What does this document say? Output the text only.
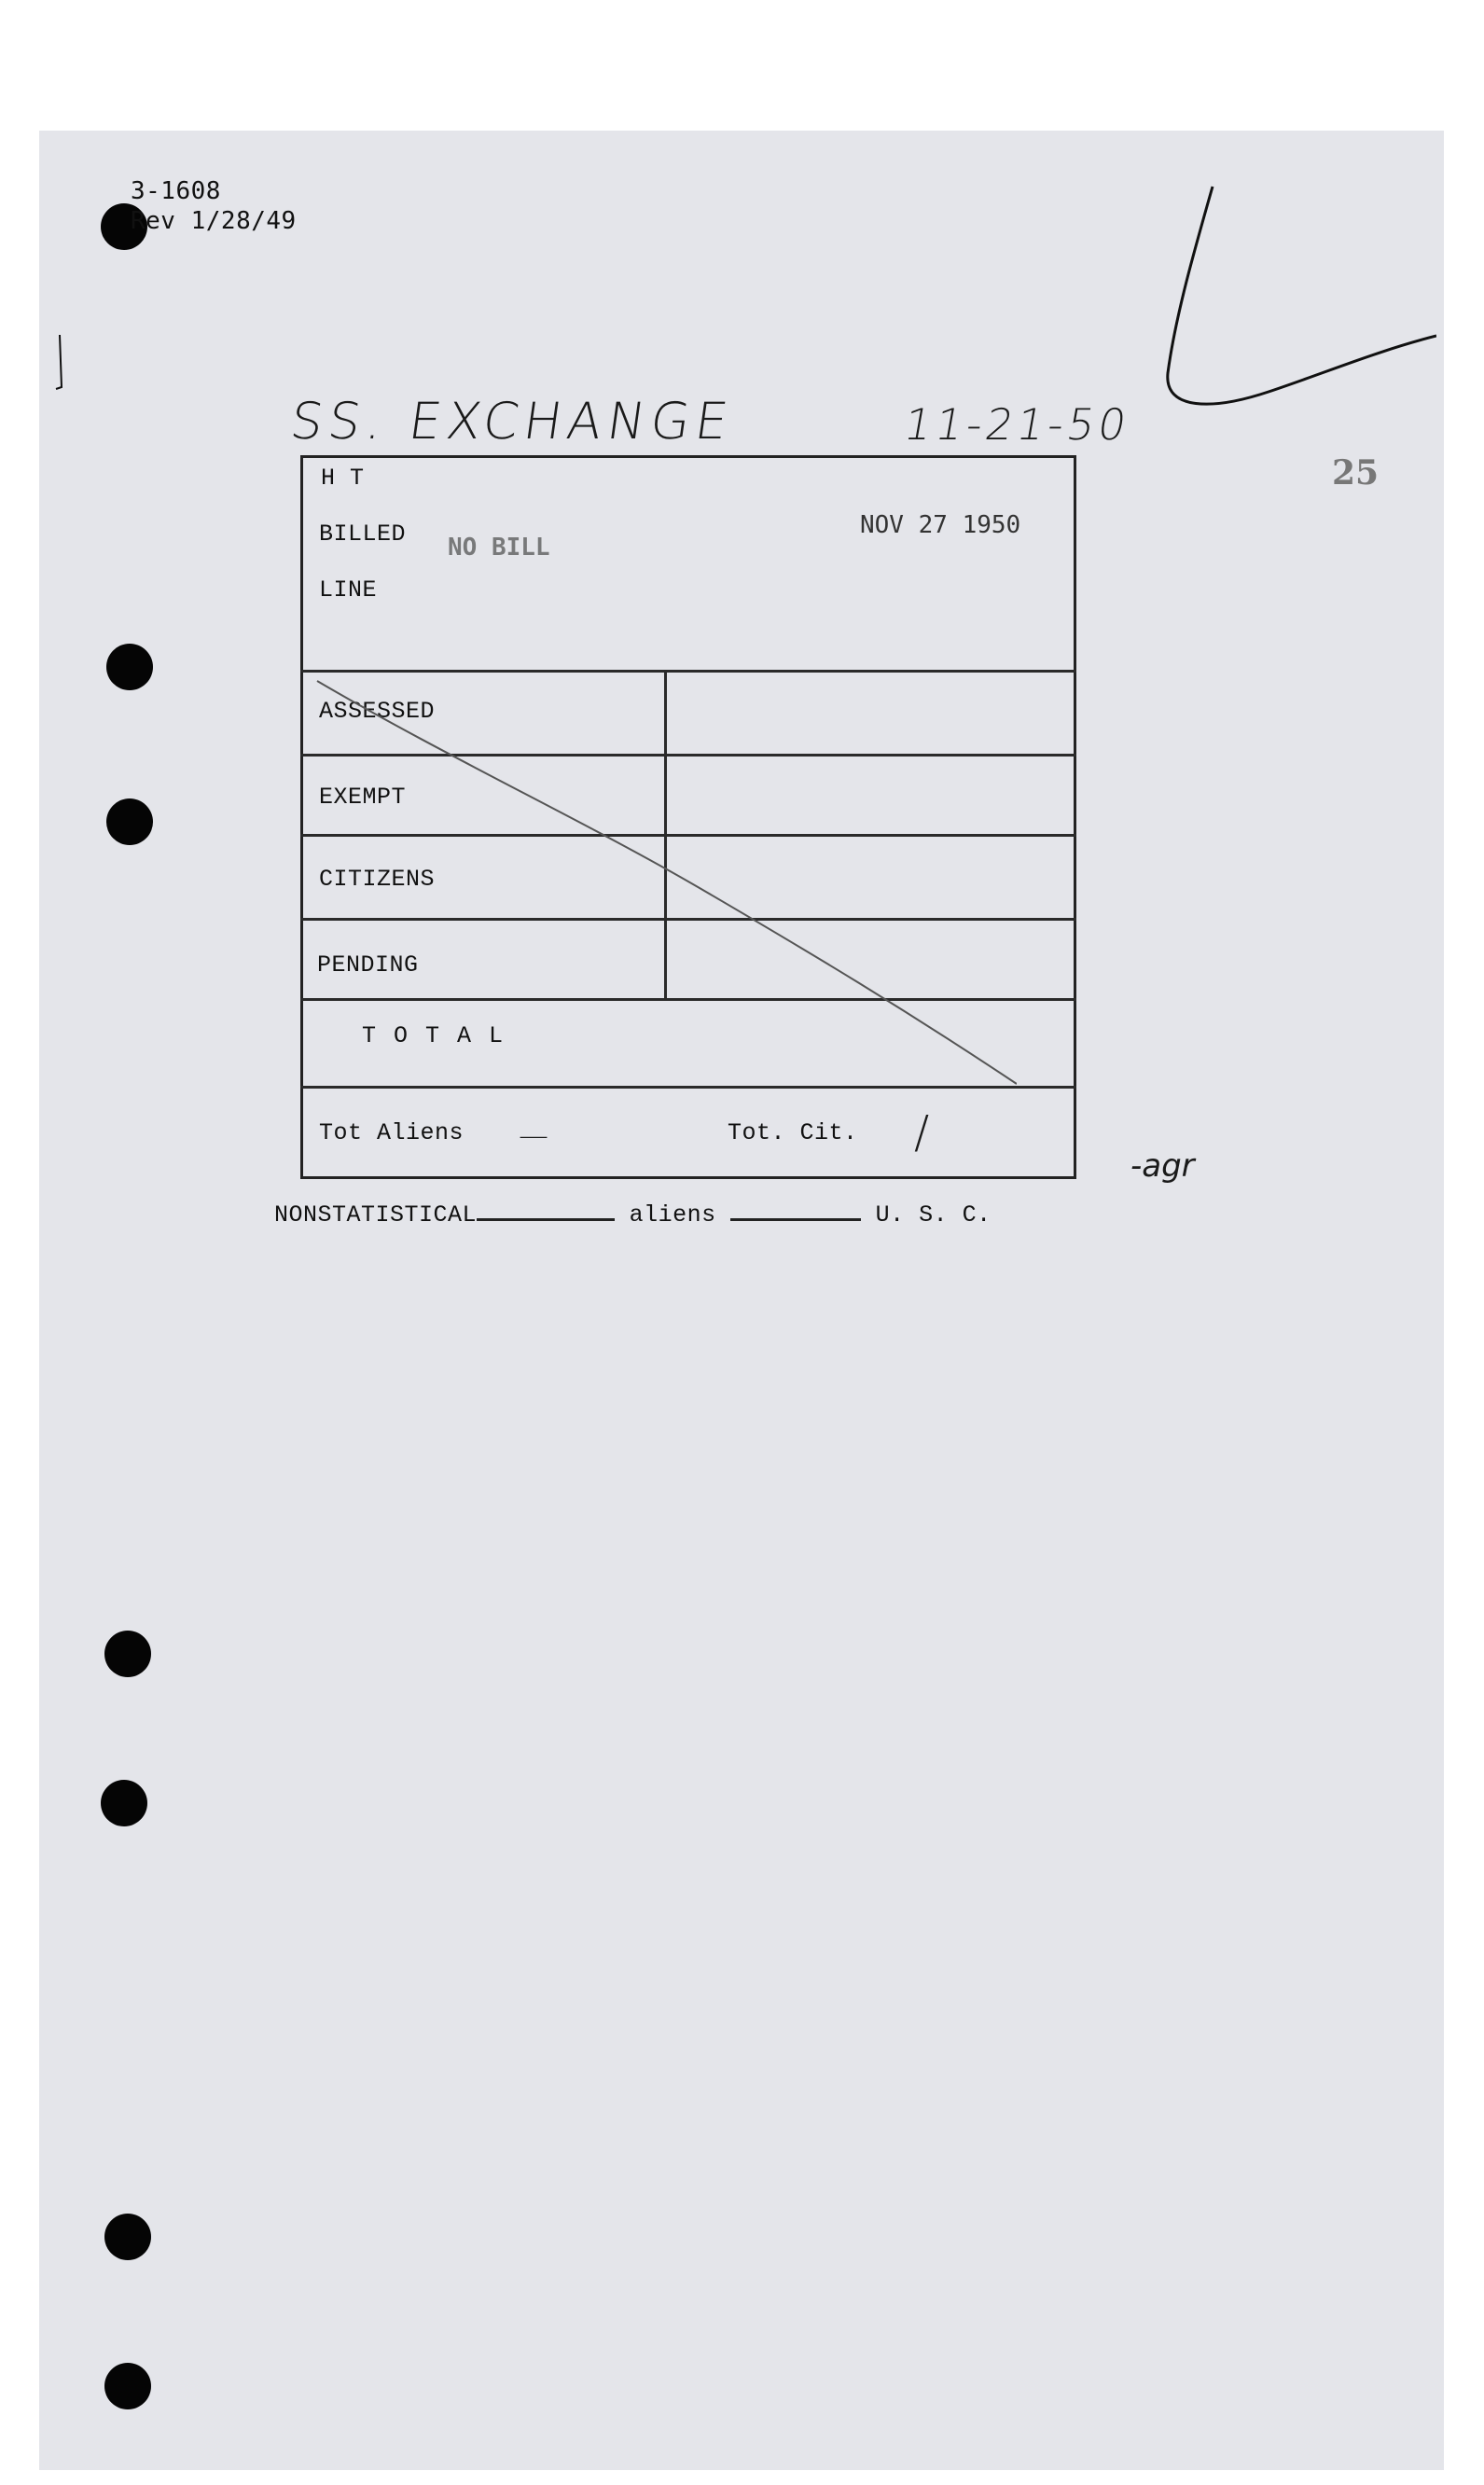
3-1608
Rev 1/28/49
25
SS. EXCHANGE	11-21-50
H T
BILLED
LINE
NO BILL
NOV 27 1950
ASSESSED
EXEMPT
CITIZENS
PENDING
T O T A L
Tot Aliens —	Tot. Cit. /
-agr
NONSTATISTICAL	aliens	U. S. C.
